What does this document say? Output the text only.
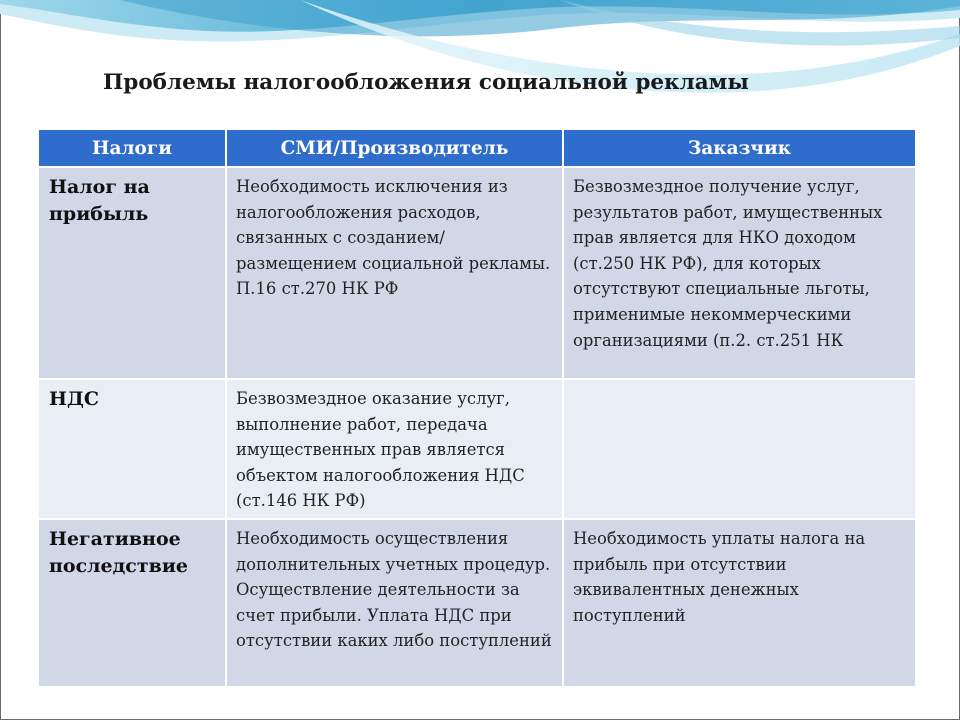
Проблемы налогообложения социальной рекламы
Налоги	СМИ/Производитель	Заказчик
Налог на прибыль	Необходимость исключения из налогообложения расходов, связанных с созданием/размещением социальной рекламы. П.16 ст.270 НК РФ	Безвозмездное получение услуг, результатов работ, имущественных прав является для НКО доходом (ст.250 НК РФ), для которых отсутствуют специальные льготы, применимые некоммерческими организациями (п.2. ст.251 НК
НДС	Безвозмездное оказание услуг, выполнение работ, передача имущественных прав является объектом налогообложения НДС (ст.146 НК РФ)	
Негативное последствие	Необходимость осуществления дополнительных учетных процедур. Осуществление деятельности за счет прибыли. Уплата НДС при отсутствии каких либо поступлений	Необходимость уплаты налога на прибыль при отсутствии эквивалентных денежных поступлений
